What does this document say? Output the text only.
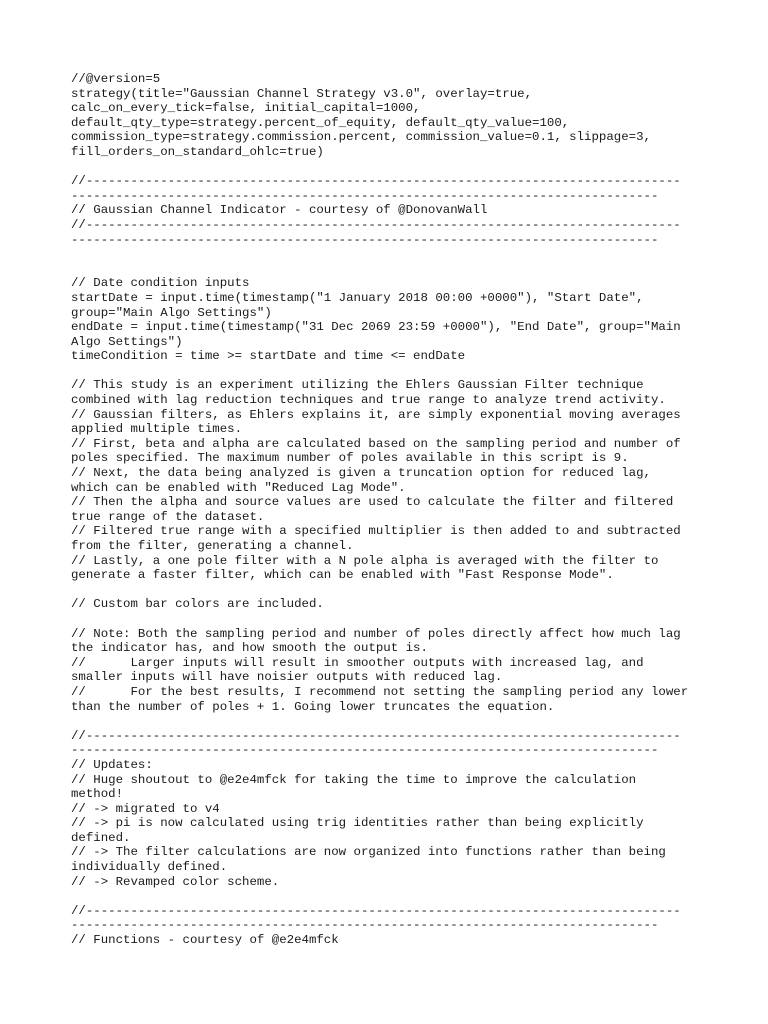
//@version=5
strategy(title="Gaussian Channel Strategy v3.0", overlay=true,
calc_on_every_tick=false, initial_capital=1000,
default_qty_type=strategy.percent_of_equity, default_qty_value=100,
commission_type=strategy.commission.percent, commission_value=0.1, slippage=3,
fill_orders_on_standard_ohlc=true)
//--------------------------------------------------------------------------------
-------------------------------------------------------------------------------
// Gaussian Channel Indicator - courtesy of @DonovanWall
//--------------------------------------------------------------------------------
-------------------------------------------------------------------------------
// Date condition inputs
startDate = input.time(timestamp("1 January 2018 00:00 +0000"), "Start Date",
group="Main Algo Settings")
endDate = input.time(timestamp("31 Dec 2069 23:59 +0000"), "End Date", group="Main
Algo Settings")
timeCondition = time >= startDate and time <= endDate
// This study is an experiment utilizing the Ehlers Gaussian Filter technique
combined with lag reduction techniques and true range to analyze trend activity.
// Gaussian filters, as Ehlers explains it, are simply exponential moving averages
applied multiple times.
// First, beta and alpha are calculated based on the sampling period and number of
poles specified. The maximum number of poles available in this script is 9.
// Next, the data being analyzed is given a truncation option for reduced lag,
which can be enabled with "Reduced Lag Mode".
// Then the alpha and source values are used to calculate the filter and filtered
true range of the dataset.
// Filtered true range with a specified multiplier is then added to and subtracted
from the filter, generating a channel.
// Lastly, a one pole filter with a N pole alpha is averaged with the filter to
generate a faster filter, which can be enabled with "Fast Response Mode".
// Custom bar colors are included.
// Note: Both the sampling period and number of poles directly affect how much lag
the indicator has, and how smooth the output is.
//      Larger inputs will result in smoother outputs with increased lag, and
smaller inputs will have noisier outputs with reduced lag.
//      For the best results, I recommend not setting the sampling period any lower
than the number of poles + 1. Going lower truncates the equation.
//--------------------------------------------------------------------------------
-------------------------------------------------------------------------------
// Updates:
// Huge shoutout to @e2e4mfck for taking the time to improve the calculation
method!
// -> migrated to v4
// -> pi is now calculated using trig identities rather than being explicitly
defined.
// -> The filter calculations are now organized into functions rather than being
individually defined.
// -> Revamped color scheme.
//--------------------------------------------------------------------------------
-------------------------------------------------------------------------------
// Functions - courtesy of @e2e4mfck
